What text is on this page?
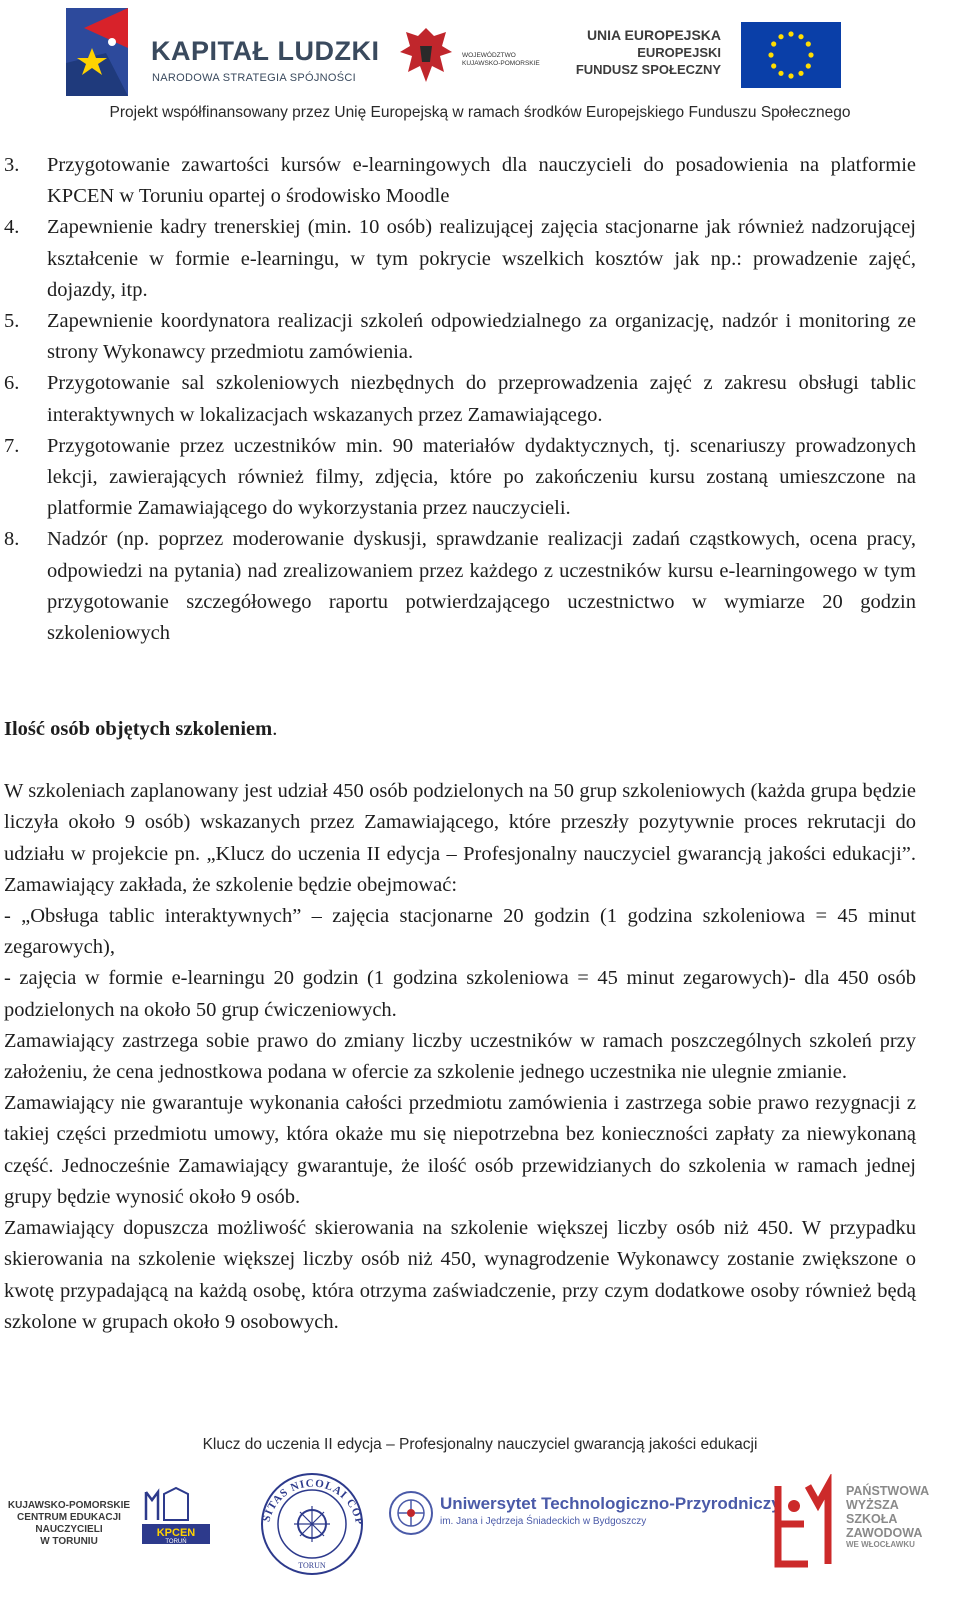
KAPITAŁ LUDZKI
NARODOWA STRATEGIA SPÓJNOŚCI
WOJEWÓDZTWO
KUJAWSKO-POMORSKIE
UNIA EUROPEJSKA
EUROPEJSKI
FUNDUSZ SPOŁECZNY
Projekt współfinansowany przez Unię Europejską w ramach środków Europejskiego Funduszu Społecznego
3. Przygotowanie zawartości kursów e-learningowych dla nauczycieli do posadowienia na platformie KPCEN w Toruniu opartej o środowisko Moodle
4. Zapewnienie kadry trenerskiej (min. 10 osób) realizującej zajęcia stacjonarne jak również nadzorującej kształcenie w formie e-learningu, w tym pokrycie wszelkich kosztów jak np.: prowadzenie zajęć, dojazdy, itp.
5. Zapewnienie koordynatora realizacji szkoleń odpowiedzialnego za organizację, nadzór i monitoring ze strony Wykonawcy przedmiotu zamówienia.
6. Przygotowanie sal szkoleniowych niezbędnych do przeprowadzenia zajęć z zakresu obsługi tablic interaktywnych w lokalizacjach wskazanych przez Zamawiającego.
7. Przygotowanie przez uczestników min. 90 materiałów dydaktycznych, tj. scenariuszy prowadzonych lekcji, zawierających również filmy, zdjęcia, które po zakończeniu kursu zostaną umieszczone na platformie Zamawiającego do wykorzystania przez nauczycieli.
8. Nadzór (np. poprzez moderowanie dyskusji, sprawdzanie realizacji zadań cząstkowych, ocena pracy, odpowiedzi na pytania) nad zrealizowaniem przez każdego z uczestników kursu e-learningowego w tym przygotowanie szczegółowego raportu potwierdzającego uczestnictwo w wymiarze 20 godzin szkoleniowych
Ilość osób objętych szkoleniem.

W szkoleniach zaplanowany jest udział 450 osób podzielonych na 50 grup szkoleniowych (każda grupa będzie liczyła około 9 osób) wskazanych przez Zamawiającego, które przeszły pozytywnie proces rekrutacji do udziału w projekcie pn. „Klucz do uczenia II edycja – Profesjonalny nauczyciel gwarancją jakości edukacji”. Zamawiający zakłada, że szkolenie będzie obejmować:

- „Obsługa tablic interaktywnych” – zajęcia stacjonarne 20 godzin (1 godzina szkoleniowa = 45 minut zegarowych),

- zajęcia w formie e-learningu 20 godzin (1 godzina szkoleniowa = 45 minut zegarowych)- dla 450 osób podzielonych na około 50 grup ćwiczeniowych.

Zamawiający zastrzega sobie prawo do zmiany liczby uczestników w ramach poszczególnych szkoleń przy założeniu, że cena jednostkowa podana w ofercie za szkolenie jednego uczestnika nie ulegnie zmianie.

Zamawiający nie gwarantuje wykonania całości przedmiotu zamówienia i zastrzega sobie prawo rezygnacji z takiej części przedmiotu umowy, która okaże mu się niepotrzebna bez konieczności zapłaty za niewykonaną część. Jednocześnie Zamawiający gwarantuje, że ilość osób przewidzianych do szkolenia w ramach jednej grupy będzie wynosić około 9 osób.

Zamawiający dopuszcza możliwość skierowania na szkolenie większej liczby osób niż 450. W przypadku skierowania na szkolenie większej liczby osób niż 450, wynagrodzenie Wykonawcy zostanie zwiększone o kwotę przypadającą na każdą osobę, która otrzyma zaświadczenie, przy czym dodatkowe osoby również będą szkolone w grupach około 9 osobowych.

Klucz do uczenia II edycja – Profesjonalny nauczyciel gwarancją jakości edukacji
KUJAWSKO-POMORSKIE
CENTRUM EDUKACJI
NAUCZYCIELI
W TORUNIU
KPCEN
TORUŃ
SITAS NICOLAI COP
TORUN
Uniwersytet Technologiczno-Przyrodniczy
im. Jana i Jędrzeja Śniadeckich w Bydgoszczy
PAŃSTWOWA
WYŻSZA
SZKOŁA
ZAWODOWA
WE WŁOCŁAWKU
